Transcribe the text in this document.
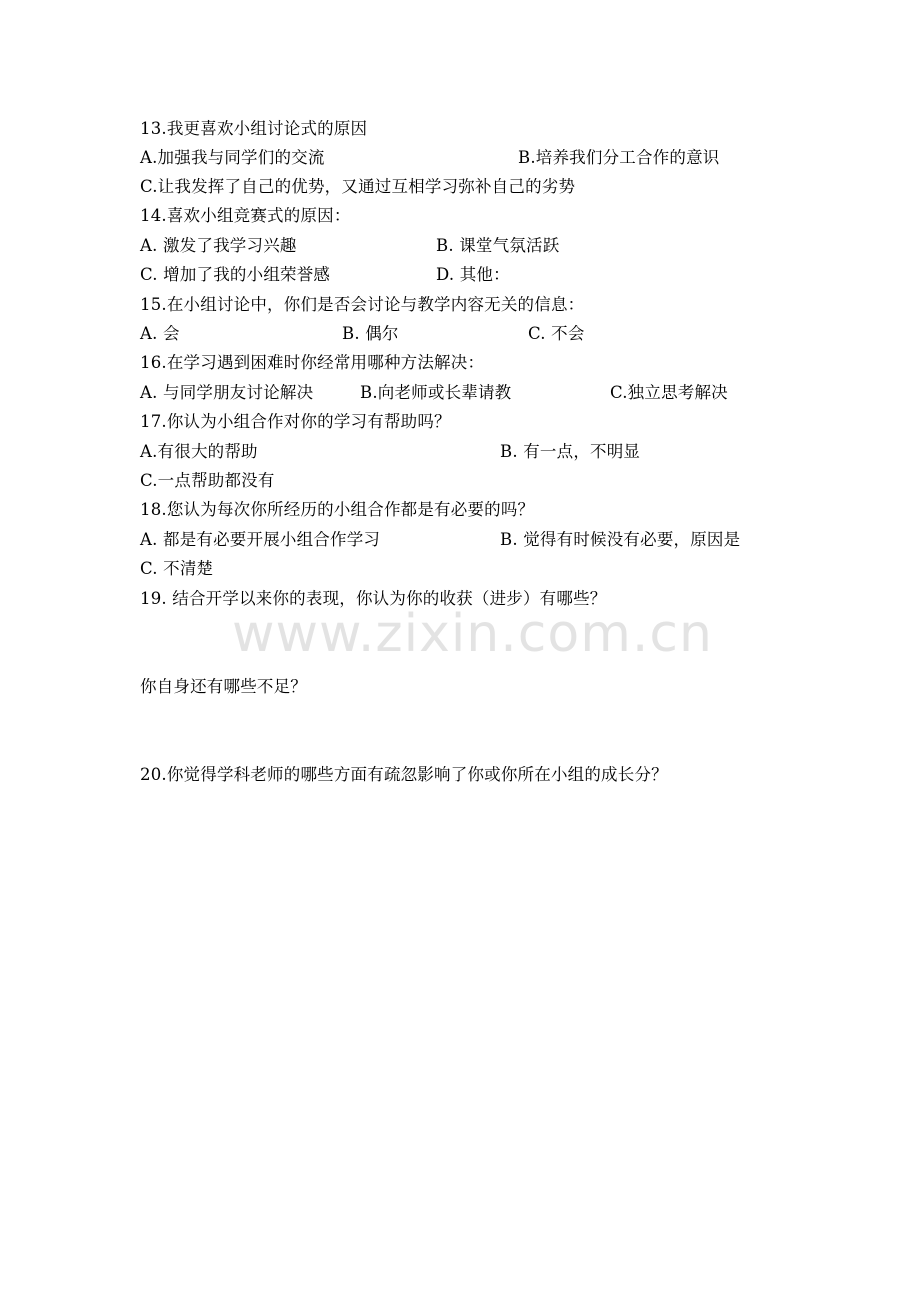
www.zixin.com.cn
13.我更喜欢小组讨论式的原因
A.加强我与同学们的交流	B.培养我们分工合作的意识
C.让我发挥了自己的优势，又通过互相学习弥补自己的劣势
14.喜欢小组竞赛式的原因：
A. 激发了我学习兴趣	B. 课堂气氛活跃
C. 增加了我的小组荣誉感	D. 其他：
15.在小组讨论中，你们是否会讨论与教学内容无关的信息：
A. 会	B. 偶尔	C. 不会
16.在学习遇到困难时你经常用哪种方法解决：
A. 与同学朋友讨论解决	B.向老师或长辈请教	C.独立思考解决
17.你认为小组合作对你的学习有帮助吗？
A.有很大的帮助	B. 有一点，不明显
C.一点帮助都没有
18.您认为每次你所经历的小组合作都是有必要的吗？
A. 都是有必要开展小组合作学习	B. 觉得有时候没有必要，原因是
C. 不清楚
19. 结合开学以来你的表现，你认为你的收获（进步）有哪些？
你自身还有哪些不足？
20.你觉得学科老师的哪些方面有疏忽影响了你或你所在小组的成长分？
